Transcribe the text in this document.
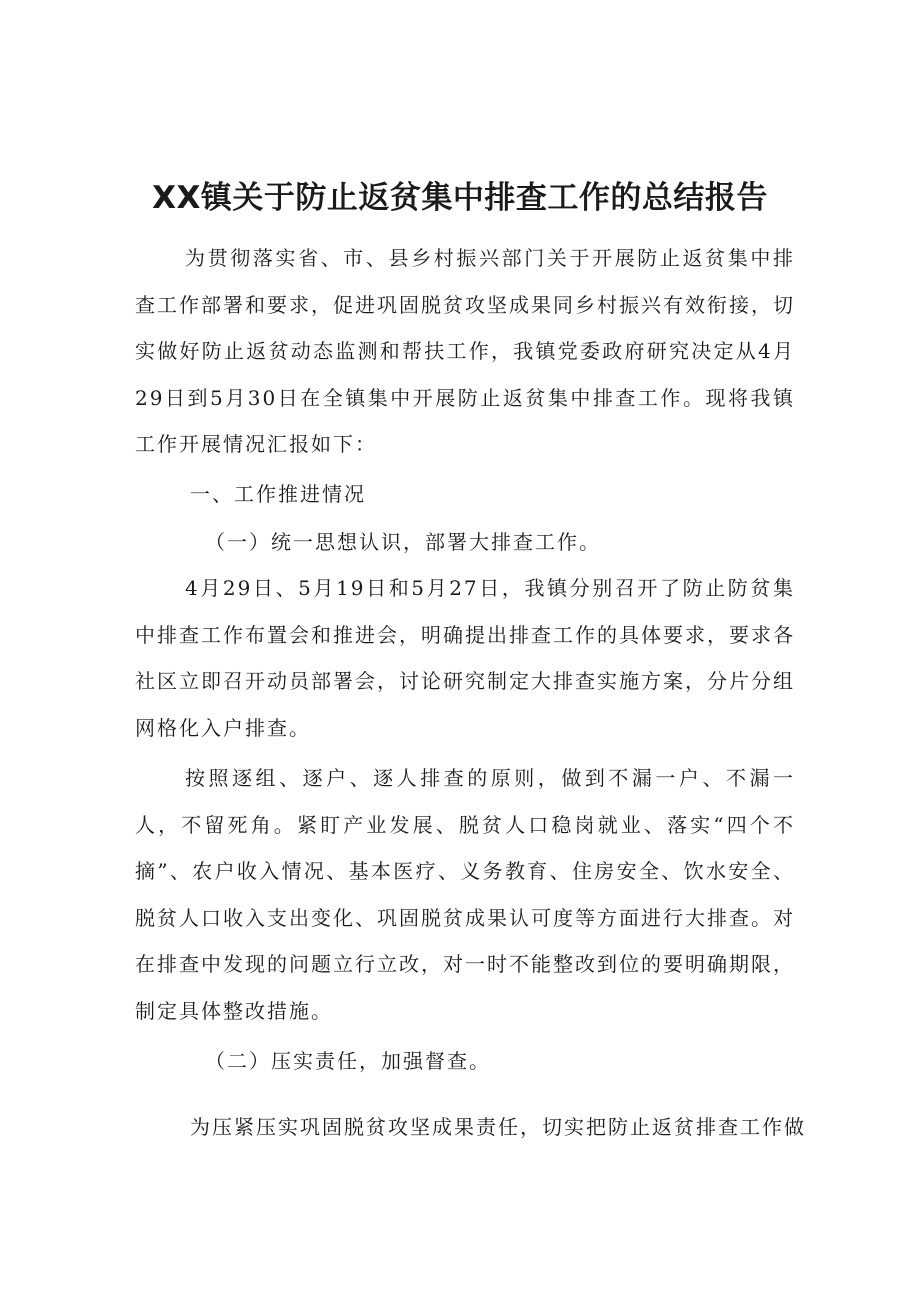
XX镇关于防止返贫集中排查工作的总结报告

为贯彻落实省、市、县乡村振兴部门关于开展防止返贫集中排查工作部署和要求，促进巩固脱贫攻坚成果同乡村振兴有效衔接，切实做好防止返贫动态监测和帮扶工作，我镇党委政府研究决定从4月29日到5月30日在全镇集中开展防止返贫集中排查工作。现将我镇工作开展情况汇报如下：

一、工作推进情况

（一）统一思想认识，部署大排查工作。

4月29日、5月19日和5月27日，我镇分别召开了防止防贫集中排查工作布置会和推进会，明确提出排查工作的具体要求，要求各社区立即召开动员部署会，讨论研究制定大排查实施方案，分片分组网格化入户排查。

按照逐组、逐户、逐人排查的原则，做到不漏一户、不漏一人，不留死角。紧盯产业发展、脱贫人口稳岗就业、落实“四个不摘”、农户收入情况、基本医疗、义务教育、住房安全、饮水安全、脱贫人口收入支出变化、巩固脱贫成果认可度等方面进行大排查。对在排查中发现的问题立行立改，对一时不能整改到位的要明确期限，制定具体整改措施。

（二）压实责任，加强督查。

为压紧压实巩固脱贫攻坚成果责任，切实把防止返贫排查工作做
